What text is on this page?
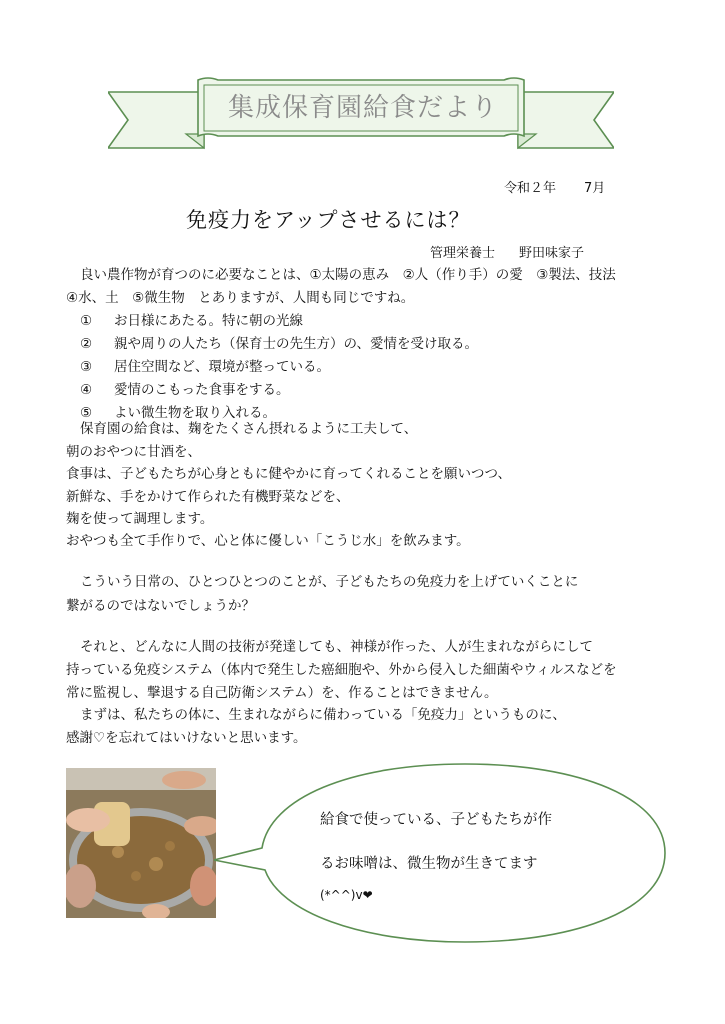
集成保育園給食だより
令和２年 7月
免疫力をアップさせるには？
管理栄養士 野田味家子
良い農作物が育つのに必要なことは、①太陽の恵み　②人（作り手）の愛　③製法、技法
④水、土　⑤微生物　とありますが、人間も同じですね。
① お日様にあたる。特に朝の光線
② 親や周りの人たち（保育士の先生方）の、愛情を受け取る。
③ 居住空間など、環境が整っている。
④ 愛情のこもった食事をする。
⑤ よい微生物を取り入れる。
保育園の給食は、麹をたくさん摂れるように工夫して、
朝のおやつに甘酒を、
食事は、子どもたちが心身ともに健やかに育ってくれることを願いつつ、
新鮮な、手をかけて作られた有機野菜などを、
麹を使って調理します。
おやつも全て手作りで、心と体に優しい「こうじ水」を飲みます。
こういう日常の、ひとつひとつのことが、子どもたちの免疫力を上げていくことに
繋がるのではないでしょうか？
それと、どんなに人間の技術が発達しても、神様が作った、人が生まれながらにして
持っている免疫システム（体内で発生した癌細胞や、外から侵入した細菌やウィルスなどを
常に監視し、撃退する自己防衛システム）を、作ることはできません。
まずは、私たちの体に、生まれながらに備わっている「免疫力」というものに、
感謝♡を忘れてはいけないと思います。
給食で使っている、子どもたちが作
るお味噌は、微生物が生きてます
(*^^)v❤
